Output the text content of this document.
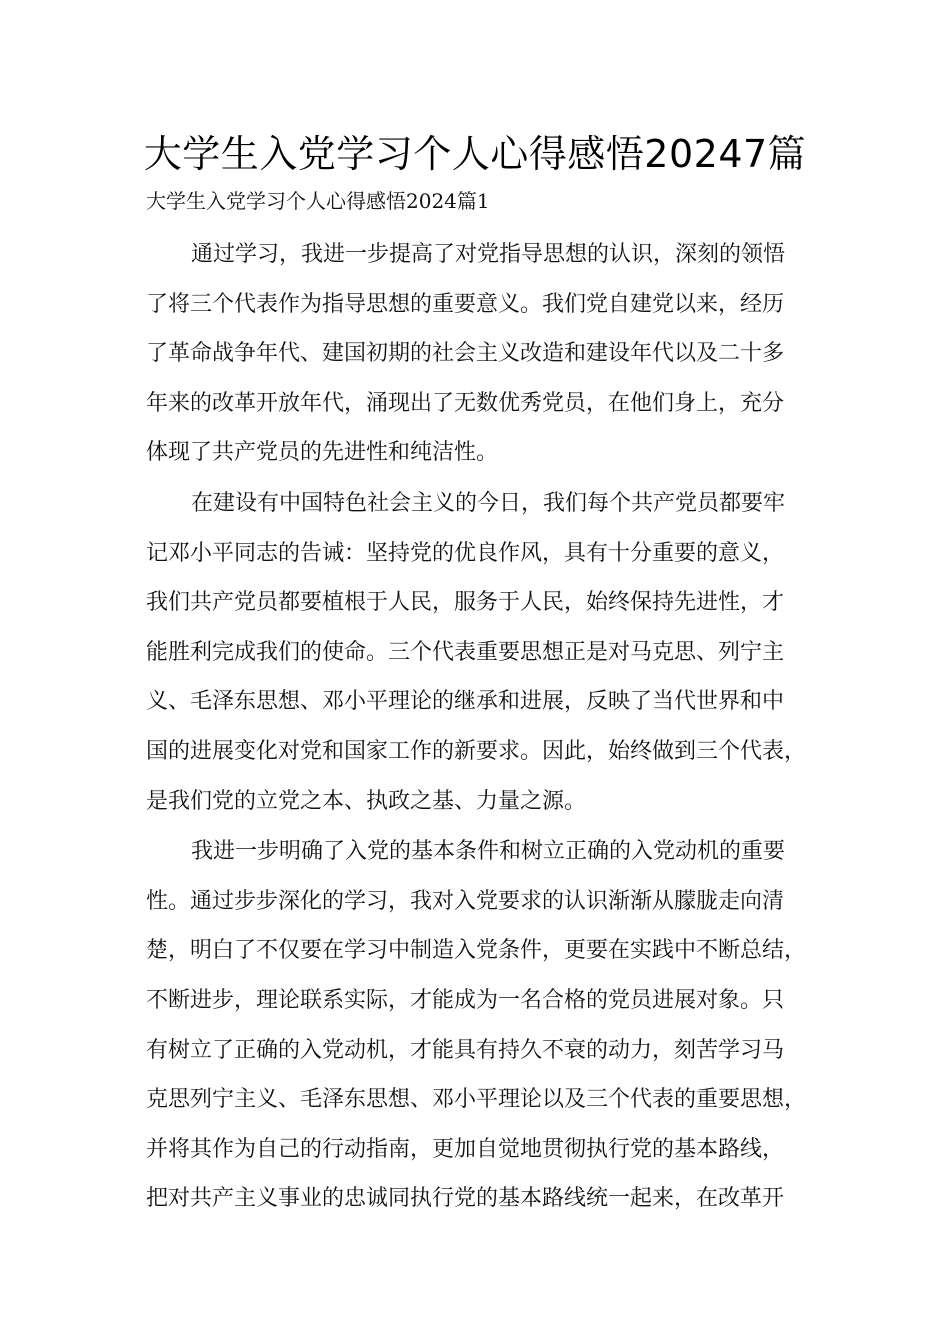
大学生入党学习个人心得感悟20247篇

大学生入党学习个人心得感悟2024篇1

通过学习，我进一步提高了对党指导思想的认识，深刻的领悟
了将三个代表作为指导思想的重要意义。我们党自建党以来，经历
了革命战争年代、建国初期的社会主义改造和建设年代以及二十多
年来的改革开放年代，涌现出了无数优秀党员，在他们身上，充分
体现了共产党员的先进性和纯洁性。

在建设有中国特色社会主义的今日，我们每个共产党员都要牢
记邓小平同志的告诫：坚持党的优良作风，具有十分重要的意义，
我们共产党员都要植根于人民，服务于人民，始终保持先进性，才
能胜利完成我们的使命。三个代表重要思想正是对马克思、列宁主
义、毛泽东思想、邓小平理论的继承和进展，反映了当代世界和中
国的进展变化对党和国家工作的新要求。因此，始终做到三个代表，
是我们党的立党之本、执政之基、力量之源。

我进一步明确了入党的基本条件和树立正确的入党动机的重要
性。通过步步深化的学习，我对入党要求的认识渐渐从朦胧走向清
楚，明白了不仅要在学习中制造入党条件，更要在实践中不断总结，
不断进步，理论联系实际，才能成为一名合格的党员进展对象。只
有树立了正确的入党动机，才能具有持久不衰的动力，刻苦学习马
克思列宁主义、毛泽东思想、邓小平理论以及三个代表的重要思想，
并将其作为自己的行动指南，更加自觉地贯彻执行党的基本路线，
把对共产主义事业的忠诚同执行党的基本路线统一起来，在改革开
